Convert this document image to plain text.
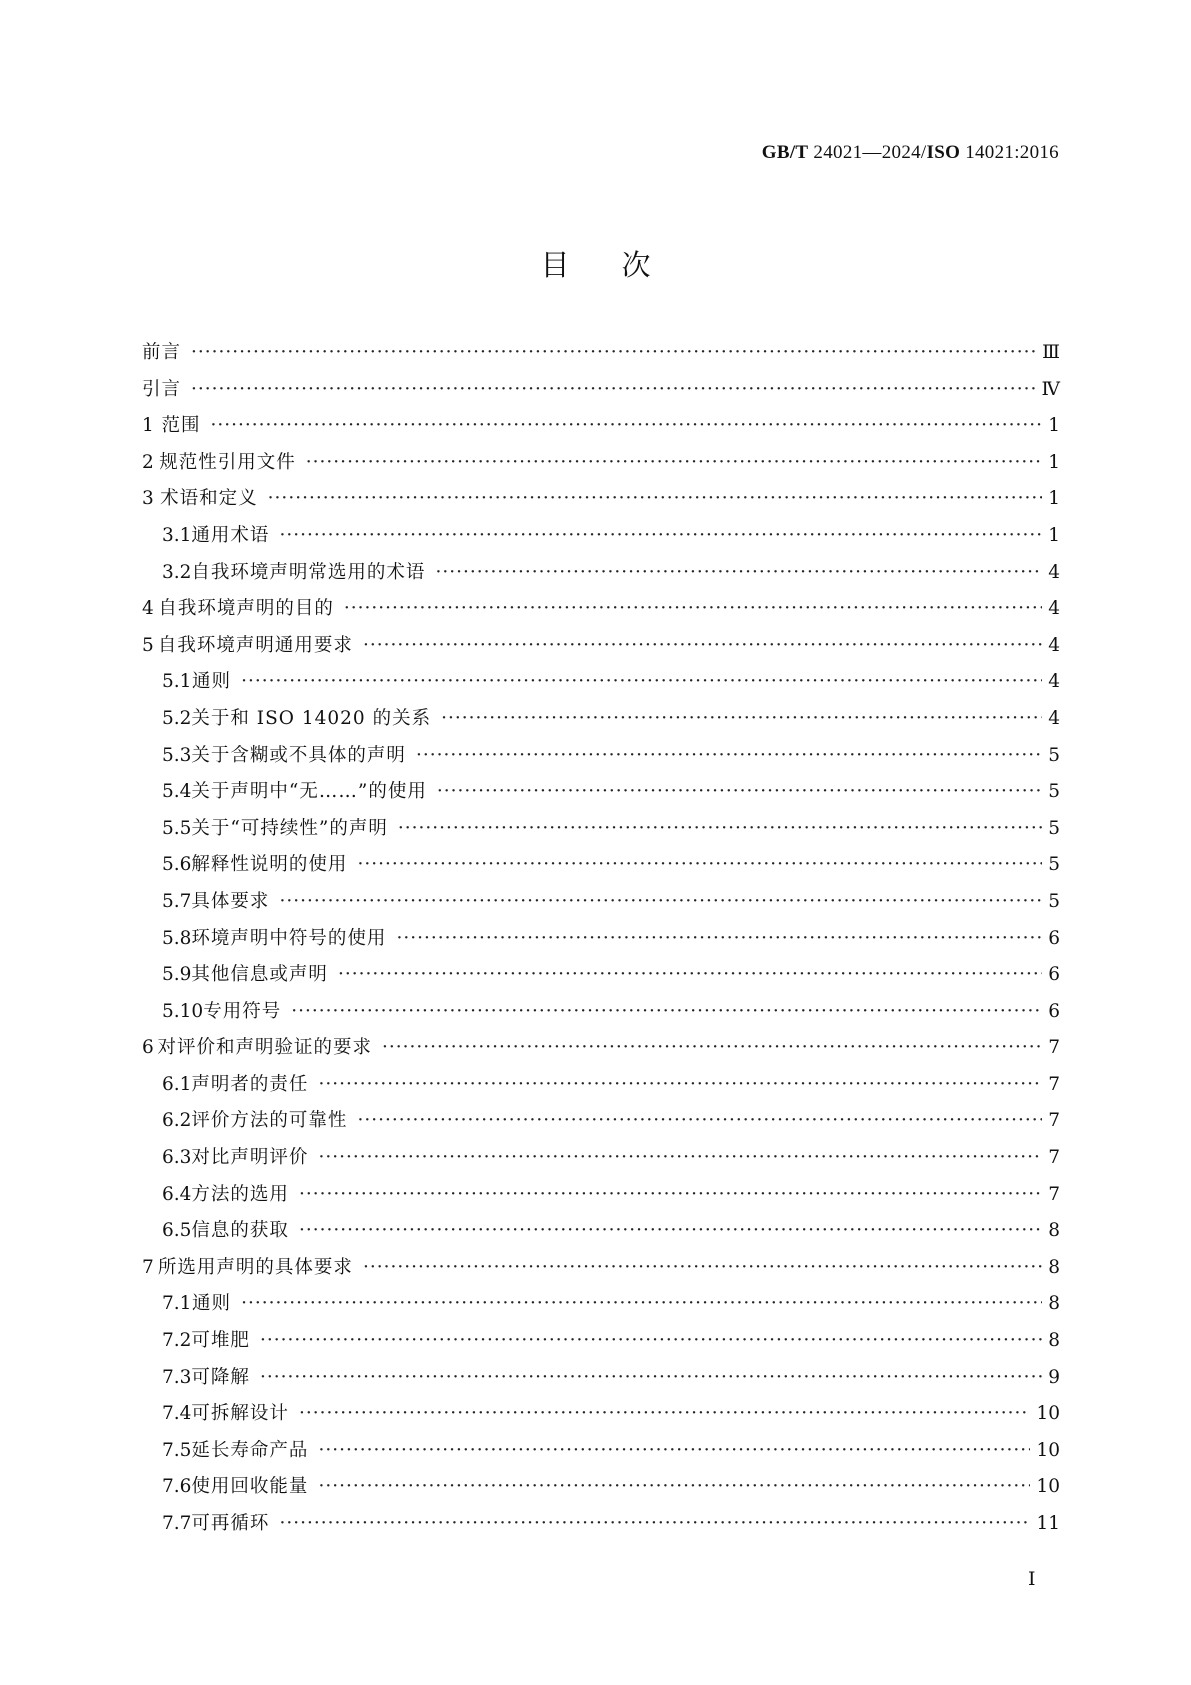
GB/T 24021—2024/ISO 14021:2016
目次
前言 ·····	Ⅲ
引言 ·····	Ⅳ
1 范围 ·····	1
2 规范性引用文件 ·····	1
3 术语和定义 ·····	1
3.1 通用术语 ·····	1
3.2 自我环境声明常选用的术语 ·····	4
4 自我环境声明的目的 ·····	4
5 自我环境声明通用要求 ·····	4
5.1 通则 ·····	4
5.2 关于和 ISO 14020 的关系 ·····	4
5.3 关于含糊或不具体的声明 ·····	5
5.4 关于声明中“无……”的使用 ·····	5
5.5 关于“可持续性”的声明 ·····	5
5.6 解释性说明的使用 ·····	5
5.7 具体要求 ·····	5
5.8 环境声明中符号的使用 ·····	6
5.9 其他信息或声明 ·····	6
5.10 专用符号 ·····	6
6 对评价和声明验证的要求 ·····	7
6.1 声明者的责任 ·····	7
6.2 评价方法的可靠性 ·····	7
6.3 对比声明评价 ·····	7
6.4 方法的选用 ·····	7
6.5 信息的获取 ·····	8
7 所选用声明的具体要求 ·····	8
7.1 通则 ·····	8
7.2 可堆肥 ·····	8
7.3 可降解 ·····	9
7.4 可拆解设计 ·····	10
7.5 延长寿命产品 ·····	10
7.6 使用回收能量 ·····	10
7.7 可再循环 ·····	11
I
